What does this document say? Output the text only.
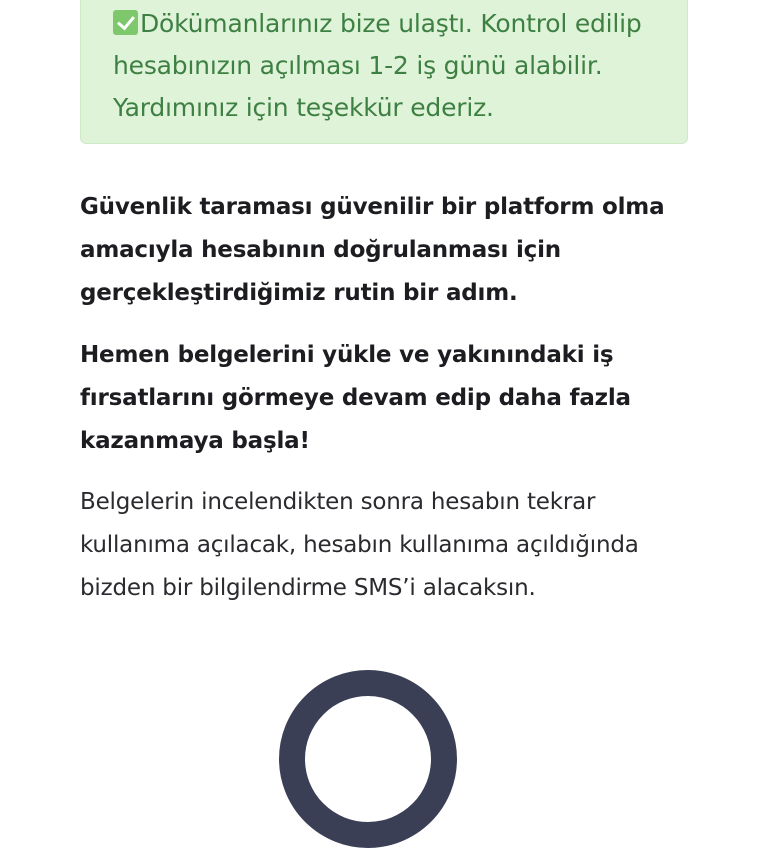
Dökümanlarınız bize ulaştı. Kontrol edilip hesabınızın açılması 1-2 iş günü alabilir. Yardımınız için teşekkür ederiz.

Güvenlik taraması güvenilir bir platform olma amacıyla hesabının doğrulanması için gerçekleştirdiğimiz rutin bir adım.

Hemen belgelerini yükle ve yakınındaki iş fırsatlarını görmeye devam edip daha fazla kazanmaya başla!

Belgelerin incelendikten sonra hesabın tekrar kullanıma açılacak, hesabın kullanıma açıldığında bizden bir bilgilendirme SMS’i alacaksın.
